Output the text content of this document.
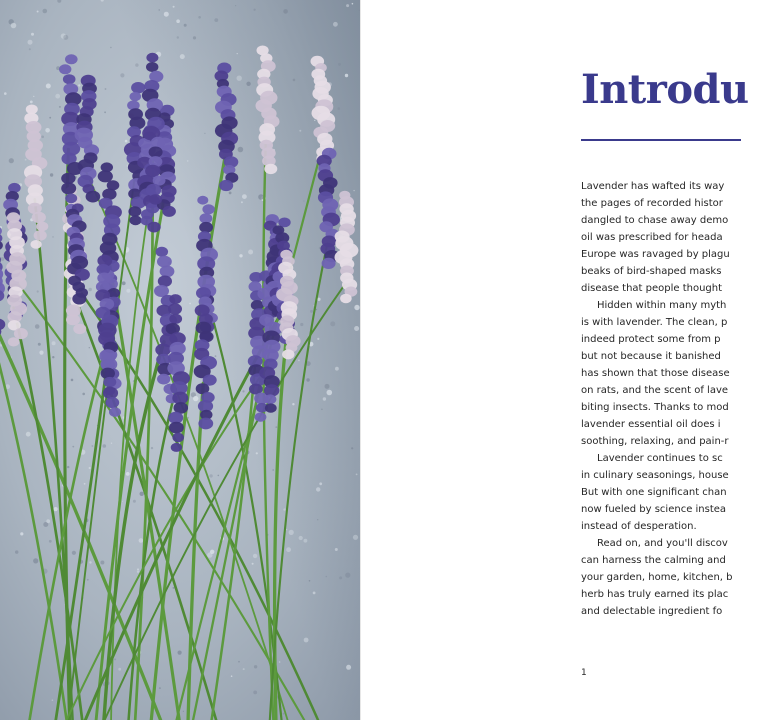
Introdu
Lavender has wafted its way
the pages of recorded histor
dangled to chase away demo
oil was prescribed for heada
Europe was ravaged by plagu
beaks of bird-shaped masks
disease that people thought
Hidden within many myth
is with lavender. The clean, p
indeed protect some from p
but not because it banished
has shown that those disease
on rats, and the scent of lave
biting insects. Thanks to mod
lavender essential oil does i
soothing, relaxing, and pain-r
Lavender continues to sc
in culinary seasonings, house
But with one significant chan
now fueled by science instea
instead of desperation.
Read on, and you'll discov
can harness the calming and
your garden, home, kitchen, b
herb has truly earned its plac
and delectable ingredient fo
1
